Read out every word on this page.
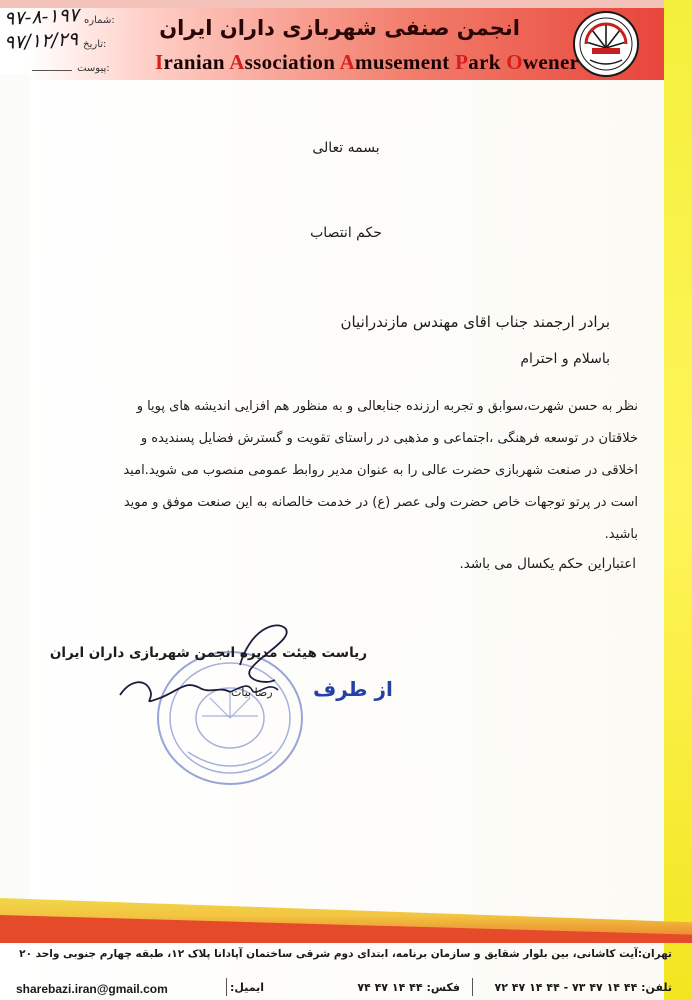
انجمن صنفی شهربازی داران ایران
Iranian Association Amusement Park Owener
۹۷-۸-۱۹۷ شماره:
۹۷/۱۲/۲۹ تاریخ:
پیوست:
بسمه تعالی
حکم انتصاب
برادر ارجمند جناب اقای مهندس مازندرانیان
باسلام و احترام
نظر به حسن شهرت،سوابق و تجربه ارزنده جنابعالی و به منظور هم افزایی اندیشه های پویا و
خلاقتان در توسعه فرهنگی ،اجتماعی و مذهبی در راستای تقویت و گسترش فضایل پسندیده و
اخلاقی در صنعت شهربازی حضرت عالی را به عنوان مدیر روابط عمومی منصوب می شوید.امید
است در پرتو توجهات خاص حضرت ولی عصر (ع) در خدمت خالصانه به این صنعت موفق و موید
باشید.
اعتباراین حکم یکسال می باشد.
ریاست هیئت مدیره انجمن شهربازی داران ایران
از طرف
رضا بیات
تهران:آیت کاشانی، بین بلوار شقایق و سازمان برنامه، ابتدای دوم شرقی ساختمان آپادانا پلاک ۱۲، طبقه چهارم جنوبی واحد ۲۰
تلفن: ۴۴ ۱۴ ۴۷ ۷۳ - ۴۴ ۱۴ ۴۷ ۷۲
فکس: ۴۴ ۱۴ ۴۷ ۷۴
ایمیل:
sharebazi.iran@gmail.com
